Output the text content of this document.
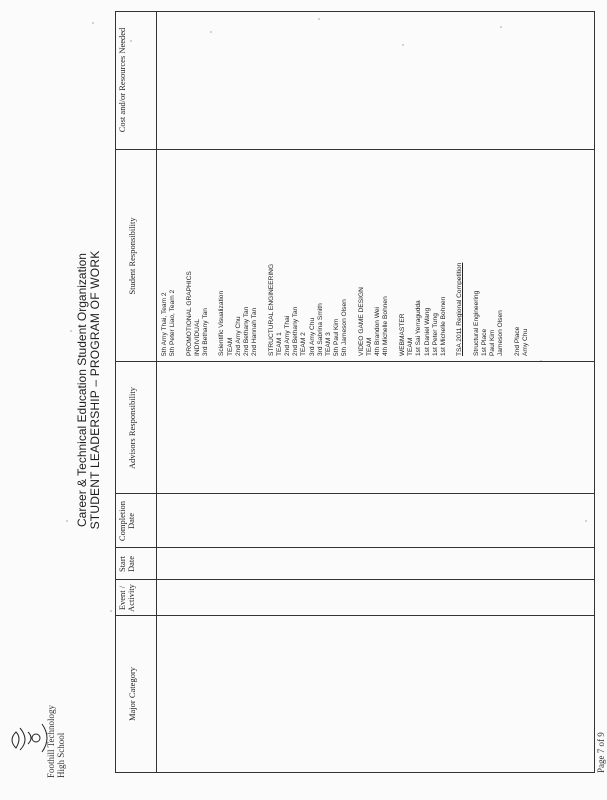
Foothill Technology High School
Career & Technical Education Student Organization STUDENT LEADERSHIP – PROGRAM OF WORK
Major Category
Event / Activity
Start Date
Completion Date
Advisors Responsibility
Student Responsibility
Cost and/or Resources Needed
5th Amy Thai, Team 2 5th Peter Liao, Team 2
PROMOTIONAL GRAPHICS INDIVIDUAL 3rd Bethany Tan
Scientific Visualization TEAM 2nd Amy Chu 2nd Bethany Tan 2nd Hannah Tan
STRUCTURAL ENGINEERING TEAM 1 2nd Amy Thai 2nd Bethany Tan TEAM 2 3rd Amy Chu 3rd Sabrina Smith TEAM 3 5th Paul Kim 5th Jameson Olsen
VIDEO GAME DESIGN TEAM 4th Brandon Wei 4th Michelle Bohnen
WEBMASTER TEAM 1st Sai Yerragudda 1st Daniel Wang 1st Peter Tung 1st Michelle Bohnen
TSA 2011 Regional Competition
Structural Engineering 1st Place Paul Kim Jameson Olsen
2nd Place Amy Chu
Page 7 of 9
